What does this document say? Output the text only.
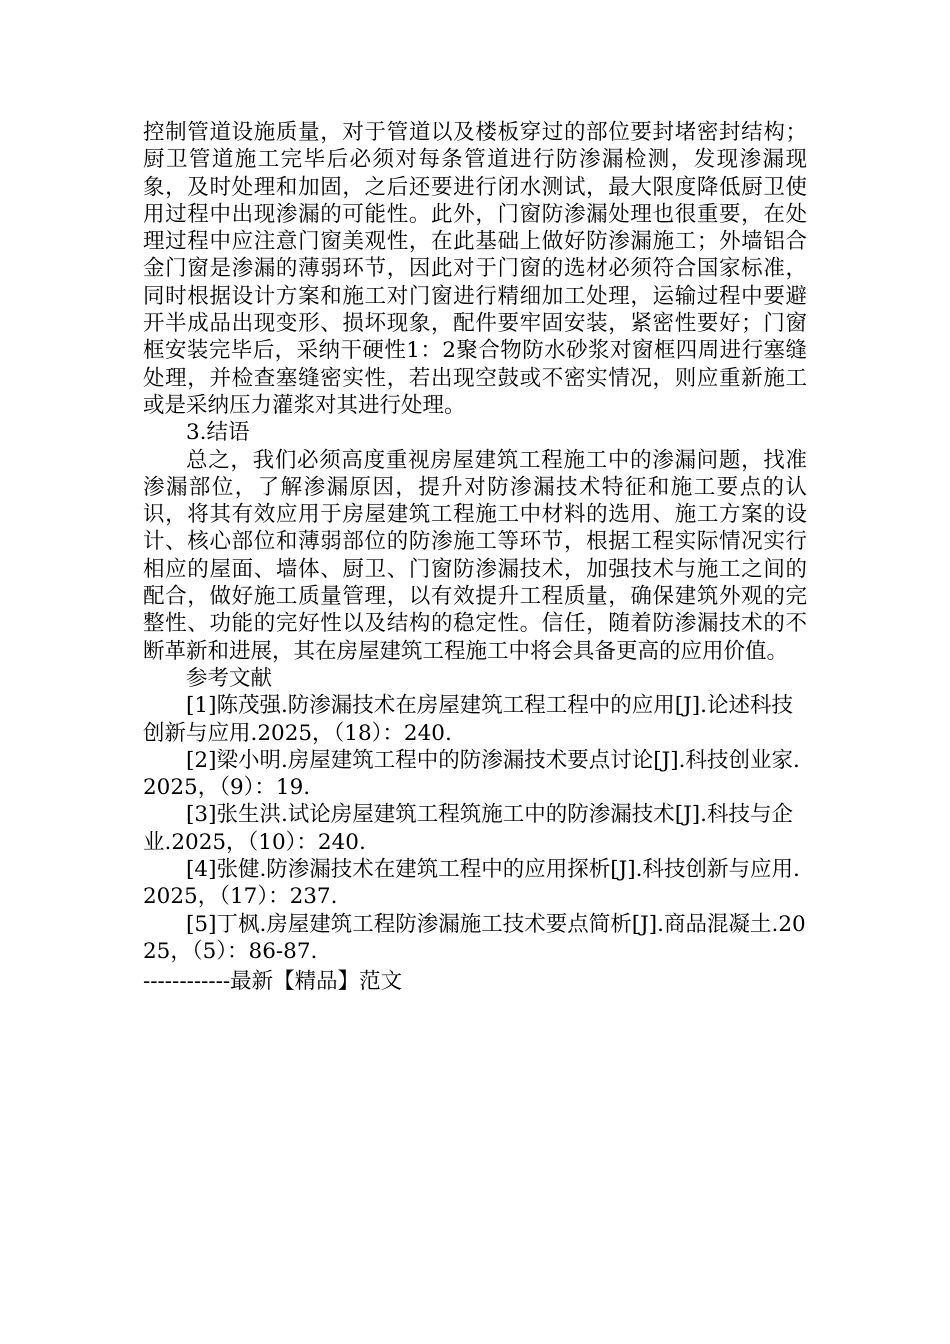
控制管道设施质量，对于管道以及楼板穿过的部位要封堵密封结构；厨卫管道施工完毕后必须对每条管道进行防渗漏检测，发现渗漏现象，及时处理和加固，之后还要进行闭水测试，最大限度降低厨卫使用过程中出现渗漏的可能性。此外，门窗防渗漏处理也很重要，在处理过程中应注意门窗美观性，在此基础上做好防渗漏施工；外墙铝合金门窗是渗漏的薄弱环节，因此对于门窗的选材必须符合国家标准，同时根据设计方案和施工对门窗进行精细加工处理，运输过程中要避开半成品出现变形、损坏现象，配件要牢固安装，紧密性要好；门窗框安装完毕后，采纳干硬性1：2聚合物防水砂浆对窗框四周进行塞缝处理，并检查塞缝密实性，若出现空鼓或不密实情况，则应重新施工或是采纳压力灌浆对其进行处理。

3.结语

总之，我们必须高度重视房屋建筑工程施工中的渗漏问题，找准渗漏部位，了解渗漏原因，提升对防渗漏技术特征和施工要点的认识，将其有效应用于房屋建筑工程施工中材料的选用、施工方案的设计、核心部位和薄弱部位的防渗施工等环节，根据工程实际情况实行相应的屋面、墙体、厨卫、门窗防渗漏技术，加强技术与施工之间的配合，做好施工质量管理，以有效提升工程质量，确保建筑外观的完整性、功能的完好性以及结构的稳定性。信任，随着防渗漏技术的不断革新和进展，其在房屋建筑工程施工中将会具备更高的应用价值。

参考文献

[1]陈茂强.防渗漏技术在房屋建筑工程工程中的应用[J].论述科技创新与应用.2025，（18）：240.

[2]梁小明.房屋建筑工程中的防渗漏技术要点讨论[J].科技创业家.2025，（9）：19.

[3]张生洪.试论房屋建筑工程筑施工中的防渗漏技术[J].科技与企业.2025，（10）：240.

[4]张健.防渗漏技术在建筑工程中的应用探析[J].科技创新与应用.2025，（17）：237.

[5]丁枫.房屋建筑工程防渗漏施工技术要点简析[J].商品混凝土.2025，（5）：86-87.

------------最新【精品】范文
